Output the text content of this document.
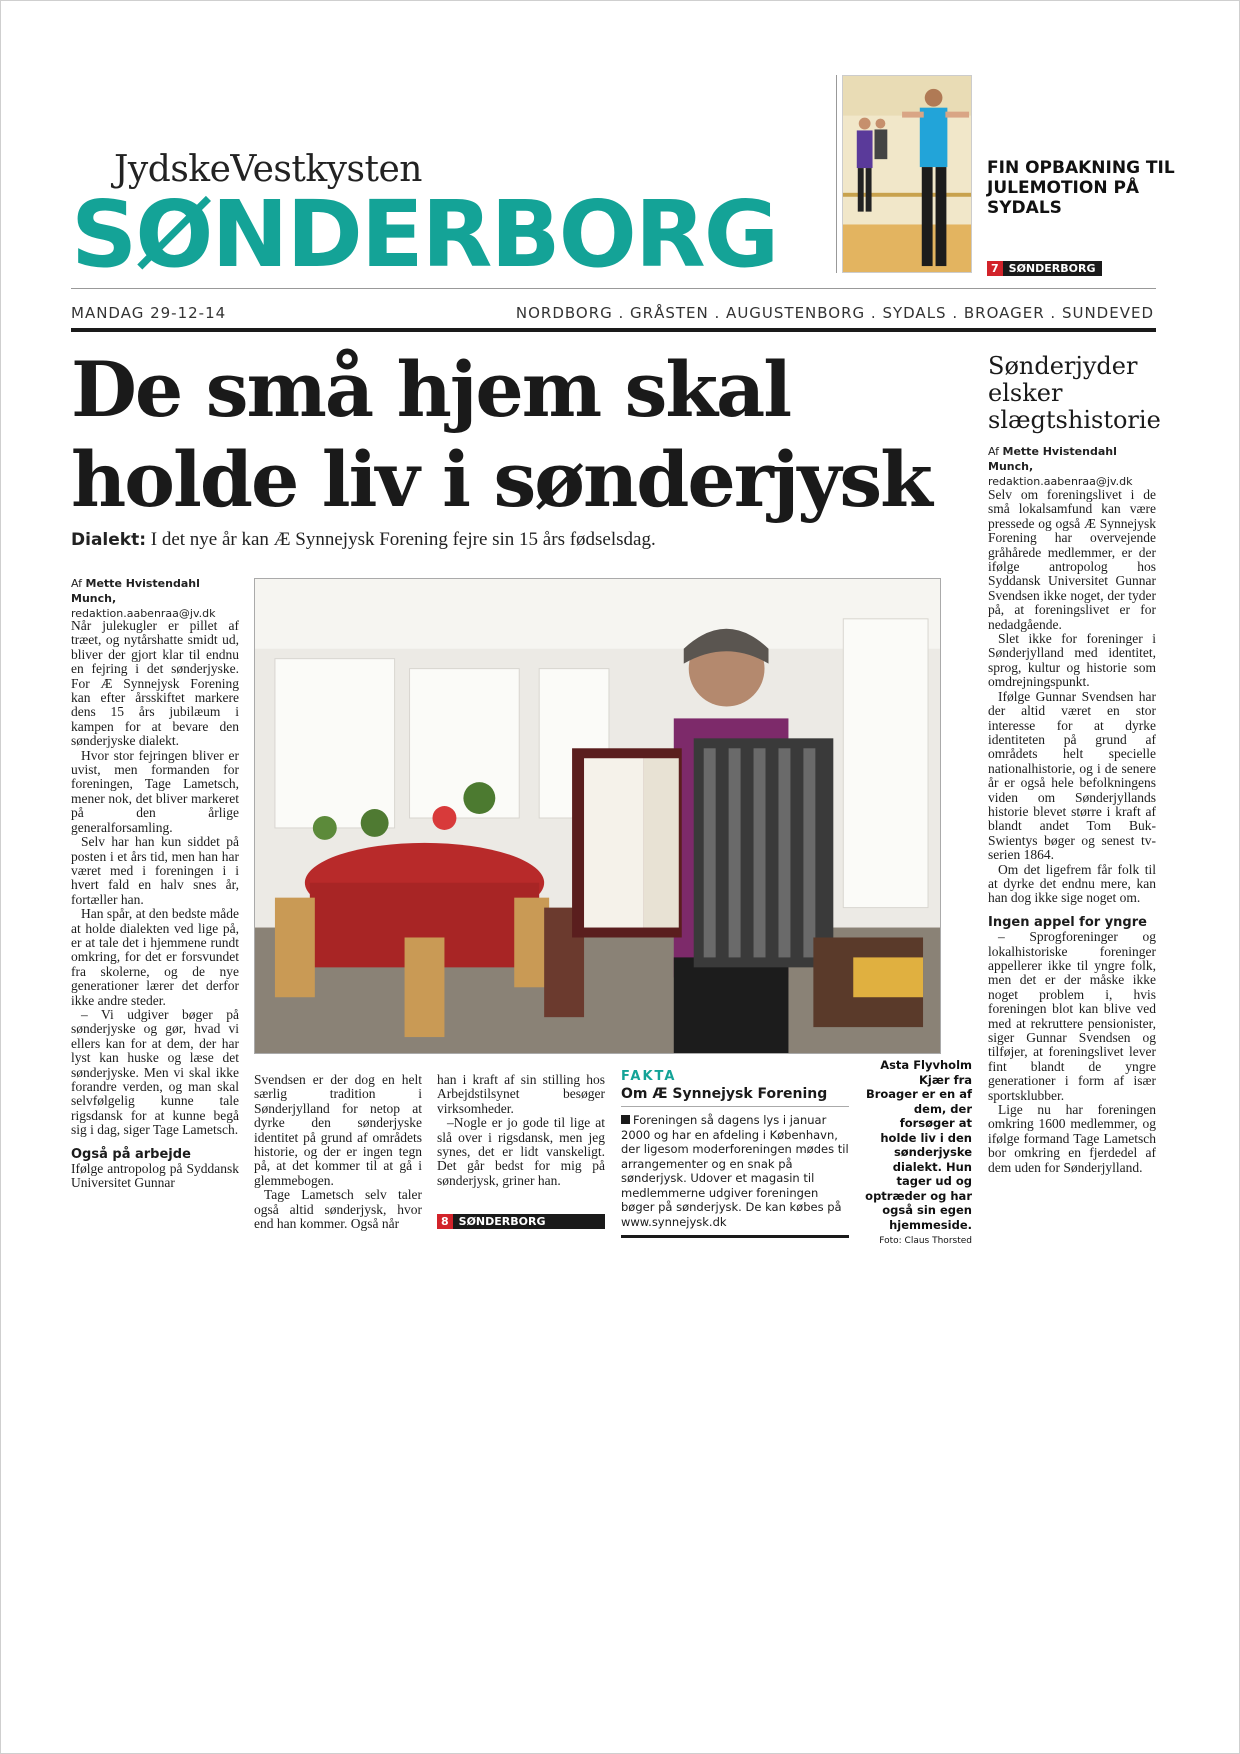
JydskeVestkysten
SØNDERBORG
FIN OPBAKNING TIL JULEMOTION PÅ SYDALS
7 SØNDERBORG
MANDAG 29-12-14	NORDBORG . GRÅSTEN . AUGUSTENBORG . SYDALS . BROAGER . SUNDEVED
De små hjem skal holde liv i sønderjysk
Dialekt: I det nye år kan Æ Synnejysk Forening fejre sin 15 års fødselsdag.
Af Mette Hvistendahl Munch,
redaktion.aabenraa@jv.dk

Når julekugler er pillet af træet, og nytårshatte smidt ud, bliver der gjort klar til endnu en fejring i det sønderjyske. For Æ Synnejysk Forening kan efter årsskiftet markere dens 15 års jubilæum i kampen for at bevare den sønderjyske dialekt.

Hvor stor fejringen bliver er uvist, men formanden for foreningen, Tage Lametsch, mener nok, det bliver markeret på den årlige generalforsamling.

Selv har han kun siddet på posten i et års tid, men han har været med i foreningen i i hvert fald en halv snes år, fortæller han.

Han spår, at den bedste måde at holde dialekten ved lige på, er at tale det i hjemmene rundt omkring, for det er forsvundet fra skolerne, og de nye generationer lærer det derfor ikke andre steder.

– Vi udgiver bøger på sønderjyske og gør, hvad vi ellers kan for at dem, der har lyst kan huske og læse det sønderjyske. Men vi skal ikke forandre verden, og man skal selvfølgelig kunne tale rigsdansk for at kunne begå sig i dag, siger Tage Lametsch.

Også på arbejde

Ifølge antropolog på Syddansk Universitet Gunnar

Asta Flyvholm Kjær fra Broager er en af dem, der forsøger at holde liv i den sønderjyske dialekt. Hun tager ud og optræder og har også sin egen hjemmeside.
Foto: Claus Thorsted

Svendsen er der dog en helt særlig tradition i Sønderjylland for netop at dyrke den sønderjyske identitet på grund af områdets historie, og der er ingen tegn på, at det kommer til at gå i glemmebogen.

Tage Lametsch selv taler også altid sønderjysk, hvor end han kommer. Også når

han i kraft af sin stilling hos Arbejdstilsynet besøger virksomheder.

–Nogle er jo gode til lige at slå over i rigsdansk, men jeg synes, det er lidt vanskeligt. Det går bedst for mig på sønderjysk, griner han.

8 SØNDERBORG
FAKTA
Om Æ Synnejysk Forening
Foreningen så dagens lys i januar 2000 og har en afdeling i København, der ligesom moderforeningen mødes til arrangementer og en snak på sønderjysk. Udover et magasin til medlemmerne udgiver foreningen bøger på sønderjysk. De kan købes på www.synnejysk.dk
Sønderjyder elsker slægtshistorie
Af Mette Hvistendahl Munch,
redaktion.aabenraa@jv.dk

Selv om foreningslivet i de små lokalsamfund kan være pressede og også Æ Synnejysk Forening har overvejende gråhårede medlemmer, er der ifølge antropolog hos Syddansk Universitet Gunnar Svendsen ikke noget, der tyder på, at foreningslivet er for nedadgående.

Slet ikke for foreninger i Sønderjylland med identitet, sprog, kultur og historie som omdrejningspunkt.

Ifølge Gunnar Svendsen har der altid været en stor interesse for at dyrke identiteten på grund af områdets helt specielle nationalhistorie, og i de senere år er også hele befolkningens viden om Sønderjyllands historie blevet større i kraft af blandt andet Tom Buk-Swientys bøger og senest tv-serien 1864.

Om det ligefrem får folk til at dyrke det endnu mere, kan han dog ikke sige noget om.

Ingen appel for yngre

– Sprogforeninger og lokalhistoriske foreninger appellerer ikke til yngre folk, men det er der måske ikke noget problem i, hvis foreningen blot kan blive ved med at rekruttere pensionister, siger Gunnar Svendsen og tilføjer, at foreningslivet lever fint blandt de yngre generationer i form af især sportsklubber.

Lige nu har foreningen omkring 1600 medlemmer, og ifølge formand Tage Lametsch bor omkring en fjerdedel af dem uden for Sønderjylland.
